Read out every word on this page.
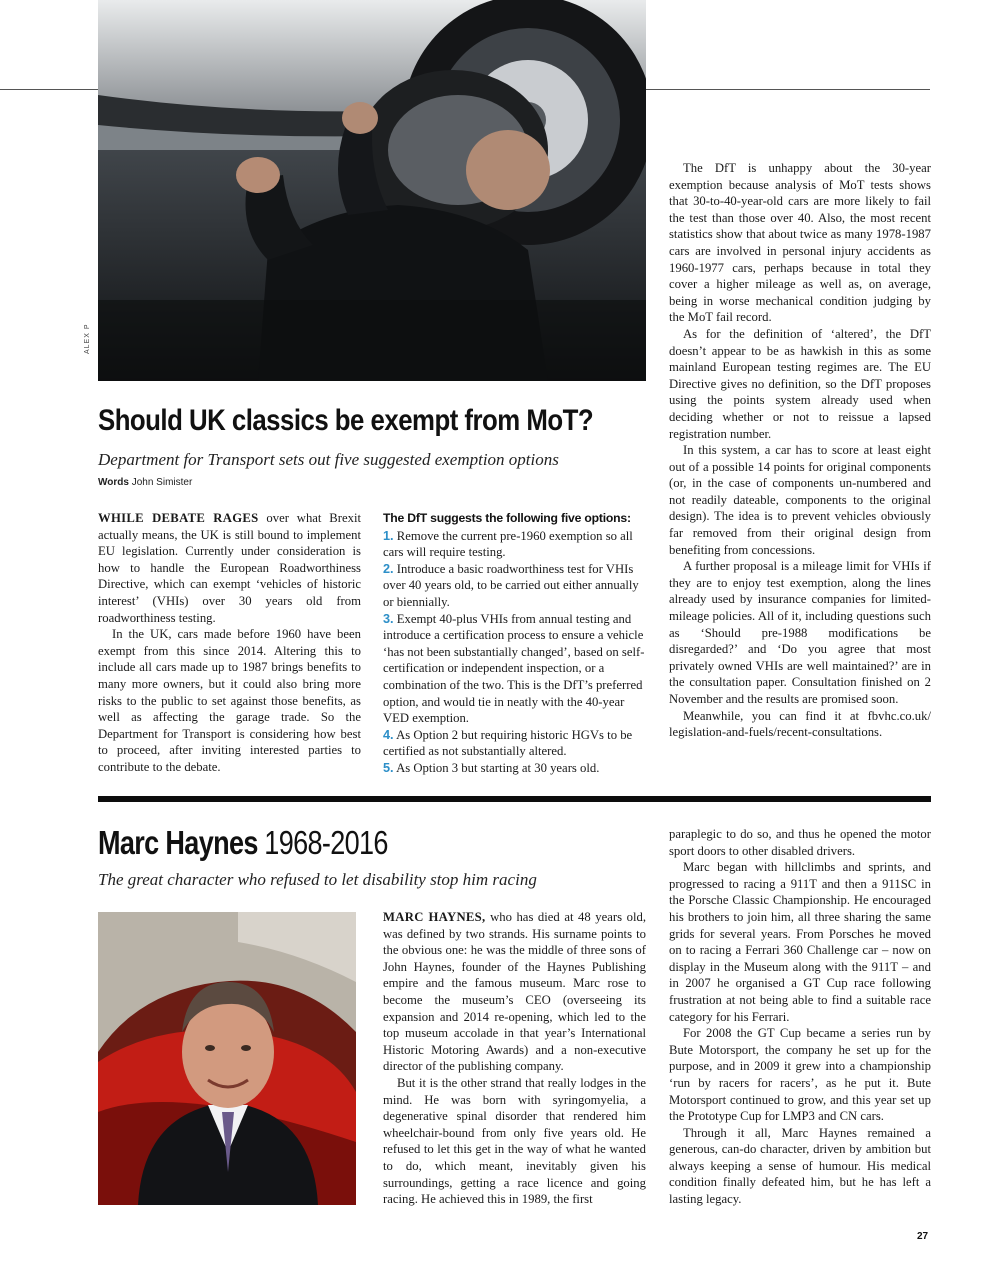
ALEX P
Should UK classics be exempt from MoT?
Department for Transport sets out five suggested exemption options
Words John Simister

WHILE DEBATE RAGES over what Brexit actually means, the UK is still bound to implement EU legislation. Currently under consideration is how to handle the European Roadworthiness Directive, which can exempt ‘vehicles of historic interest’ (VHIs) over 30 years old from roadworthiness testing.

In the UK, cars made before 1960 have been exempt from this since 2014. Altering this to include all cars made up to 1987 brings benefits to many more owners, but it could also bring more risks to the public to set against those benefits, as well as affecting the garage trade. So the Department for Transport is considering how best to proceed, after inviting interested parties to contribute to the debate.

The DfT suggests the following five options:
1. Remove the current pre-1960 exemption so all cars will require testing.
2. Introduce a basic roadworthiness test for VHIs over 40 years old, to be carried out either annually or biennially.
3. Exempt 40-plus VHIs from annual testing and introduce a certification process to ensure a vehicle ‘has not been substantially changed’, based on self-certification or independent inspection, or a combination of the two. This is the DfT’s preferred option, and would tie in neatly with the 40-year VED exemption.
4. As Option 2 but requiring historic HGVs to be certified as not substantially altered.
5. As Option 3 but starting at 30 years old.

The DfT is unhappy about the 30-year exemption because analysis of MoT tests shows that 30-to-40-year-old cars are more likely to fail the test than those over 40. Also, the most recent statistics show that about twice as many 1978-1987 cars are involved in personal injury accidents as 1960-1977 cars, perhaps because in total they cover a higher mileage as well as, on average, being in worse mechanical condition judging by the MoT fail record.

As for the definition of ‘altered’, the DfT doesn’t appear to be as hawkish in this as some mainland European testing regimes are. The EU Directive gives no definition, so the DfT proposes using the points system already used when deciding whether or not to reissue a lapsed registration number.

In this system, a car has to score at least eight out of a possible 14 points for original components (or, in the case of components un-numbered and not readily dateable, components to the original design). The idea is to prevent vehicles obviously far removed from their original design from benefiting from concessions.

A further proposal is a mileage limit for VHIs if they are to enjoy test exemption, along the lines already used by insurance companies for limited-mileage policies. All of it, including questions such as ‘Should pre-1988 modifications be disregarded?’ and ‘Do you agree that most privately owned VHIs are well maintained?’ are in the consultation paper. Consultation finished on 2 November and the results are promised soon.

Meanwhile, you can find it at fbvhc.co.uk/ legislation-and-fuels/recent-consultations.

Marc Haynes 1968-2016
The great character who refused to let disability stop him racing

MARC HAYNES, who has died at 48 years old, was defined by two strands. His surname points to the obvious one: he was the middle of three sons of John Haynes, founder of the Haynes Publishing empire and the famous museum. Marc rose to become the museum’s CEO (overseeing its expansion and 2014 re-opening, which led to the top museum accolade in that year’s International Historic Motoring Awards) and a non-executive director of the publishing company.

But it is the other strand that really lodges in the mind. He was born with syringomyelia, a degenerative spinal disorder that rendered him wheelchair-bound from only five years old. He refused to let this get in the way of what he wanted to do, which meant, inevitably given his surroundings, getting a race licence and going racing. He achieved this in 1989, the first

paraplegic to do so, and thus he opened the motor sport doors to other disabled drivers.

Marc began with hillclimbs and sprints, and progressed to racing a 911T and then a 911SC in the Porsche Classic Championship. He encouraged his brothers to join him, all three sharing the same grids for several years. From Porsches he moved on to racing a Ferrari 360 Challenge car – now on display in the Museum along with the 911T – and in 2007 he organised a GT Cup race following frustration at not being able to find a suitable race category for his Ferrari.

For 2008 the GT Cup became a series run by Bute Motorsport, the company he set up for the purpose, and in 2009 it grew into a championship ‘run by racers for racers’, as he put it. Bute Motorsport continued to grow, and this year set up the Prototype Cup for LMP3 and CN cars.

Through it all, Marc Haynes remained a generous, can-do character, driven by ambition but always keeping a sense of humour. His medical condition finally defeated him, but he has left a lasting legacy.

27
